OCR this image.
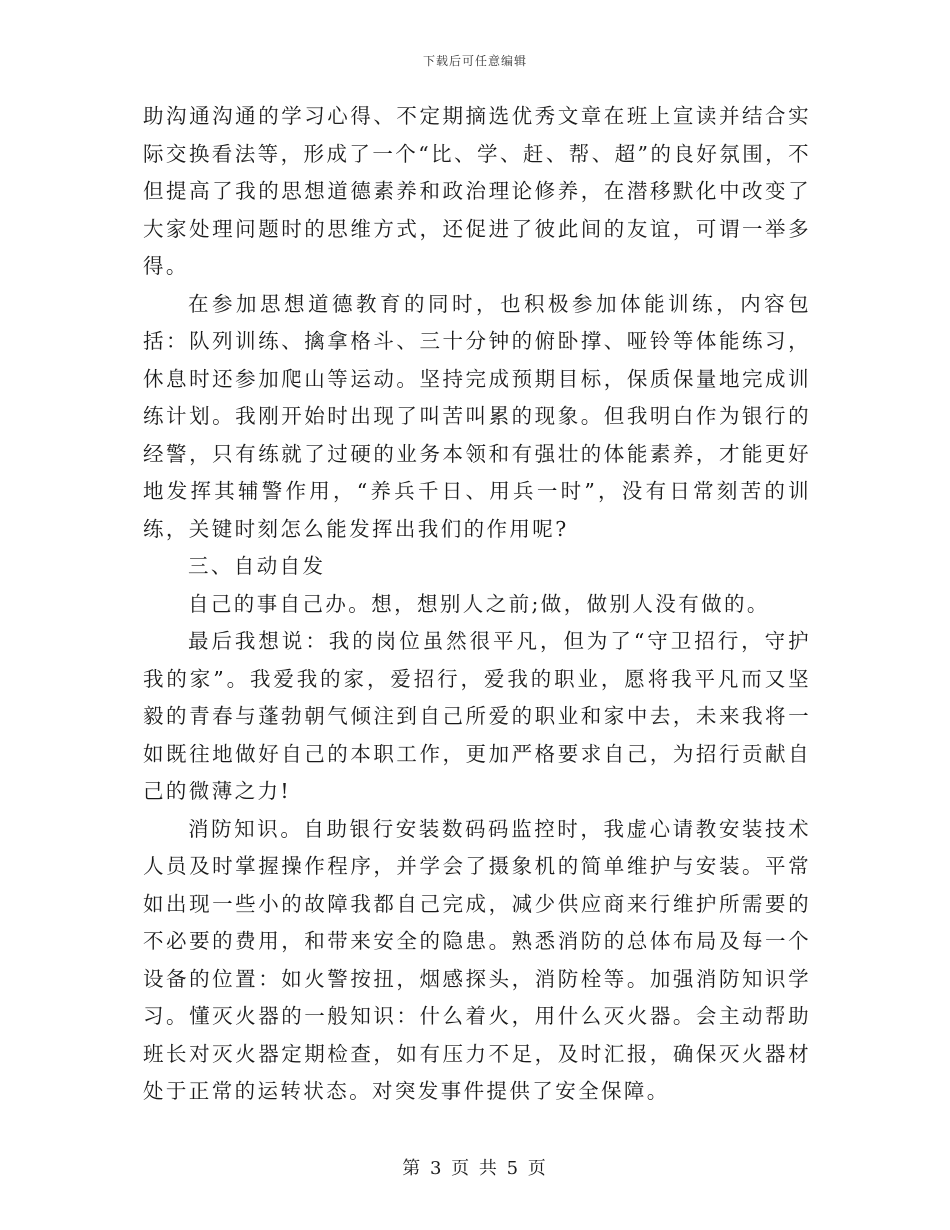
下载后可任意编辑

助沟通沟通的学习心得、不定期摘选优秀文章在班上宣读并结合实际交换看法等，形成了一个“比、学、赶、帮、超”的良好氛围，不但提高了我的思想道德素养和政治理论修养，在潜移默化中改变了大家处理问题时的思维方式，还促进了彼此间的友谊，可谓一举多得。

在参加思想道德教育的同时，也积极参加体能训练，内容包括：队列训练、擒拿格斗、三十分钟的俯卧撑、哑铃等体能练习，休息时还参加爬山等运动。坚持完成预期目标，保质保量地完成训练计划。我刚开始时出现了叫苦叫累的现象。但我明白作为银行的经警，只有练就了过硬的业务本领和有强壮的体能素养，才能更好地发挥其辅警作用，“养兵千日、用兵一时”，没有日常刻苦的训练，关键时刻怎么能发挥出我们的作用呢?

三、自动自发

自己的事自己办。想，想别人之前;做，做别人没有做的。

最后我想说：我的岗位虽然很平凡，但为了“守卫招行，守护我的家”。我爱我的家，爱招行，爱我的职业，愿将我平凡而又坚毅的青春与蓬勃朝气倾注到自己所爱的职业和家中去，未来我将一如既往地做好自己的本职工作，更加严格要求自己，为招行贡献自己的微薄之力!

消防知识。自助银行安装数码码监控时，我虚心请教安装技术人员及时掌握操作程序，并学会了摄象机的简单维护与安装。平常如出现一些小的故障我都自己完成，减少供应商来行维护所需要的不必要的费用，和带来安全的隐患。熟悉消防的总体布局及每一个设备的位置：如火警按扭，烟感探头，消防栓等。加强消防知识学习。懂灭火器的一般知识：什么着火，用什么灭火器。会主动帮助班长对灭火器定期检查，如有压力不足，及时汇报，确保灭火器材处于正常的运转状态。对突发事件提供了安全保障。

第 3 页 共 5 页
